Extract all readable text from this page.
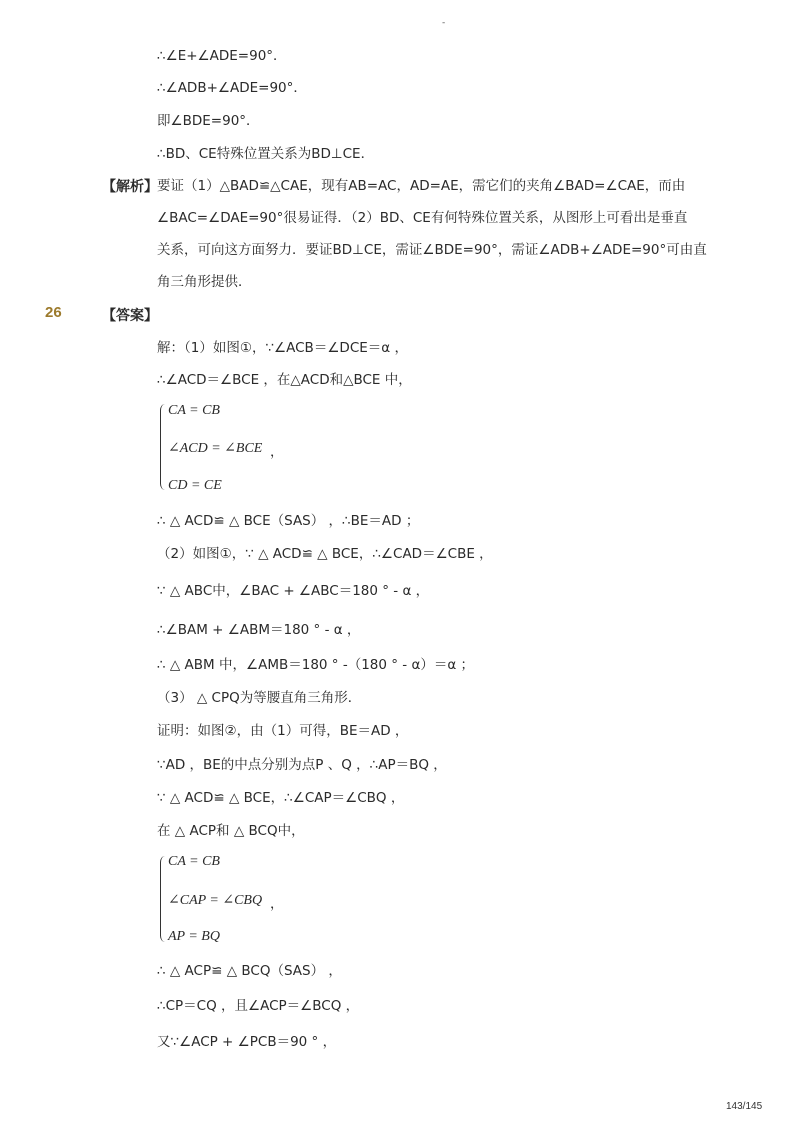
-
∴∠E+∠ADE=90°．
∴∠ADB+∠ADE=90°．
即∠BDE=90°．
∴BD、CE特殊位置关系为BD⊥CE．
【解析】 要证（1）△BAD≌△CAE，现有AB=AC，AD=AE，需它们的夹角∠BAD=∠CAE，而由
∠BAC=∠DAE=90°很易证得．（2）BD、CE有何特殊位置关系，从图形上可看出是垂直
关系，可向这方面努力．要证BD⊥CE，需证∠BDE=90°，需证∠ADB+∠ADE=90°可由直
角三角形提供．
26	【答案】
解：（1）如图①，∵∠ACB＝∠DCE＝α ，
∴∠ACD＝∠BCE ，在△ACD和△BCE 中，
CA = CB
∠ACD = ∠BCE ，
CD = CE
∴ △ ACD≌ △ BCE（SAS） ，∴BE＝AD ；
（2）如图①，∵ △ ACD≌ △ BCE，∴∠CAD＝∠CBE ，
∵ △ ABC中，∠BAC + ∠ABC＝180 ° - α ，
∴∠BAM + ∠ABM＝180 ° - α ，
∴ △ ABM 中，∠AMB＝180 ° -（180 ° - α）＝α ；
（3） △ CPQ为等腰直角三角形．
证明：如图②，由（1）可得，BE＝AD ，
∵AD ，BE的中点分别为点P 、Q ，∴AP＝BQ ，
∵ △ ACD≌ △ BCE，∴∠CAP＝∠CBQ ，
在 △ ACP和 △ BCQ中，
CA = CB
∠CAP = ∠CBQ ，
AP = BQ
∴ △ ACP≌ △ BCQ（SAS） ，
∴CP＝CQ ，且∠ACP＝∠BCQ ，
又∵∠ACP + ∠PCB＝90 ° ，
143/145
